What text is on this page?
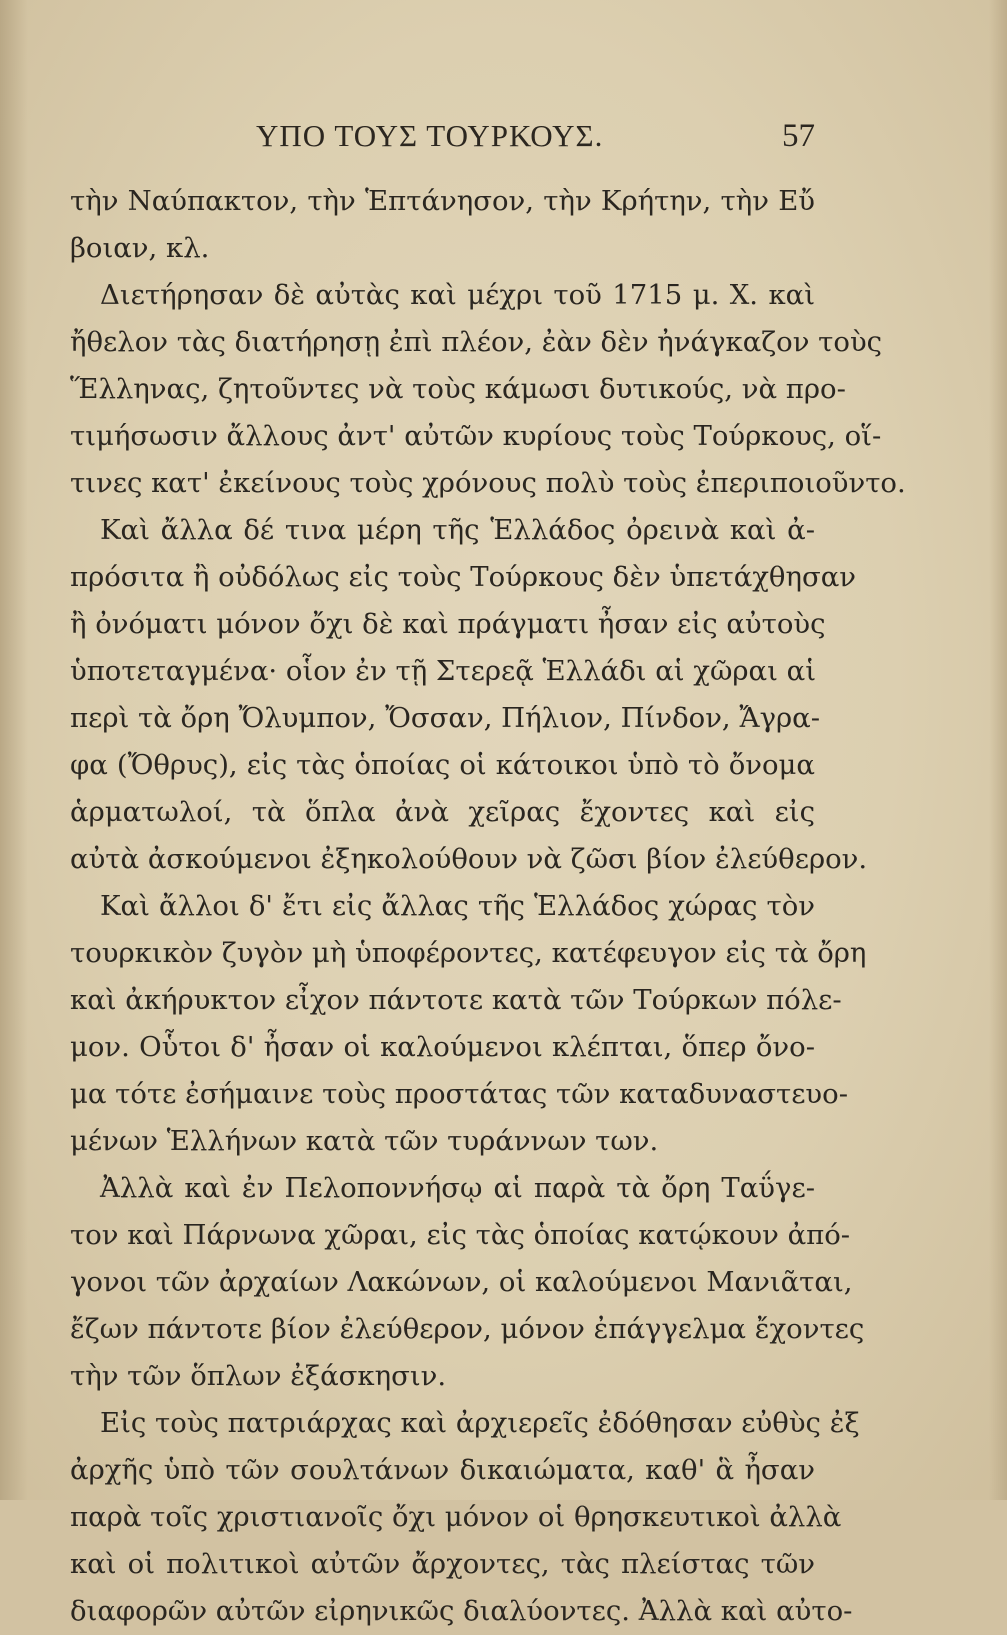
ΥΠΟ ΤΟΥΣ ΤΟΥΡΚΟΥΣ.	57
τὴν Ναύπακτον, τὴν Ἑπτάνησον, τὴν Κρήτην, τὴν Εὔ
βοιαν, κλ.
Διετήρησαν δὲ αὐτὰς καὶ μέχρι τοῦ 1715 μ. Χ. καὶ
ἤθελον τὰς διατήρησῃ ἐπὶ πλέον, ἐὰν δὲν ἠνάγκαζον τοὺς
Ἕλληνας, ζητοῦντες νὰ τοὺς κάμωσι δυτικούς, νὰ προ-
τιμήσωσιν ἄλλους ἀντ' αὐτῶν κυρίους τοὺς Τούρκους, οἵ-
τινες κατ' ἐκείνους τοὺς χρόνους πολὺ τοὺς ἐπεριποιοῦντο.
Καὶ ἄλλα δέ τινα μέρη τῆς Ἑλλάδος ὀρεινὰ καὶ ἀ-
πρόσιτα ἢ οὐδόλως εἰς τοὺς Τούρκους δὲν ὑπετάχθησαν
ἢ ὀνόματι μόνον ὄχι δὲ καὶ πράγματι ἦσαν εἰς αὐτοὺς
ὑποτεταγμένα· οἷον ἐν τῇ Στερεᾷ Ἑλλάδι αἱ χῶραι αἱ
περὶ τὰ ὄρη Ὄλυμπον, Ὄσσαν, Πήλιον, Πίνδον, Ἄγρα-
φα (Ὄθρυς), εἰς τὰς ὁποίας οἱ κάτοικοι ὑπὸ τὸ ὄνομα
ἁρματωλοί, τὰ ὅπλα ἀνὰ χεῖρας ἔχοντες καὶ εἰς
αὐτὰ ἀσκούμενοι ἐξηκολούθουν νὰ ζῶσι βίον ἐλεύθερον.
Καὶ ἄλλοι δ' ἔτι εἰς ἄλλας τῆς Ἑλλάδος χώρας τὸν
τουρκικὸν ζυγὸν μὴ ὑποφέροντες, κατέφευγον εἰς τὰ ὄρη
καὶ ἀκήρυκτον εἶχον πάντοτε κατὰ τῶν Τούρκων πόλε-
μον. Οὗτοι δ' ἦσαν οἱ καλούμενοι κλέπται, ὅπερ ὄνο-
μα τότε ἐσήμαινε τοὺς προστάτας τῶν καταδυναστευο-
μένων Ἑλλήνων κατὰ τῶν τυράννων των.
Ἀλλὰ καὶ ἐν Πελοποννήσῳ αἱ παρὰ τὰ ὄρη Ταΰγε-
τον καὶ Πάρνωνα χῶραι, εἰς τὰς ὁποίας κατῴκουν ἀπό-
γονοι τῶν ἀρχαίων Λακώνων, οἱ καλούμενοι Μανιᾶται,
ἔζων πάντοτε βίον ἐλεύθερον, μόνον ἐπάγγελμα ἔχοντες
τὴν τῶν ὅπλων ἐξάσκησιν.
Εἰς τοὺς πατριάρχας καὶ ἀρχιερεῖς ἐδόθησαν εὐθὺς ἐξ
ἀρχῆς ὑπὸ τῶν σουλτάνων δικαιώματα, καθ' ἃ ἦσαν
παρὰ τοῖς χριστιανοῖς ὄχι μόνον οἱ θρησκευτικοὶ ἀλλὰ
καὶ οἱ πολιτικοὶ αὐτῶν ἄρχοντες, τὰς πλείστας τῶν
διαφορῶν αὐτῶν εἰρηνικῶς διαλύοντες. Ἀλλὰ καὶ αὐτο-
